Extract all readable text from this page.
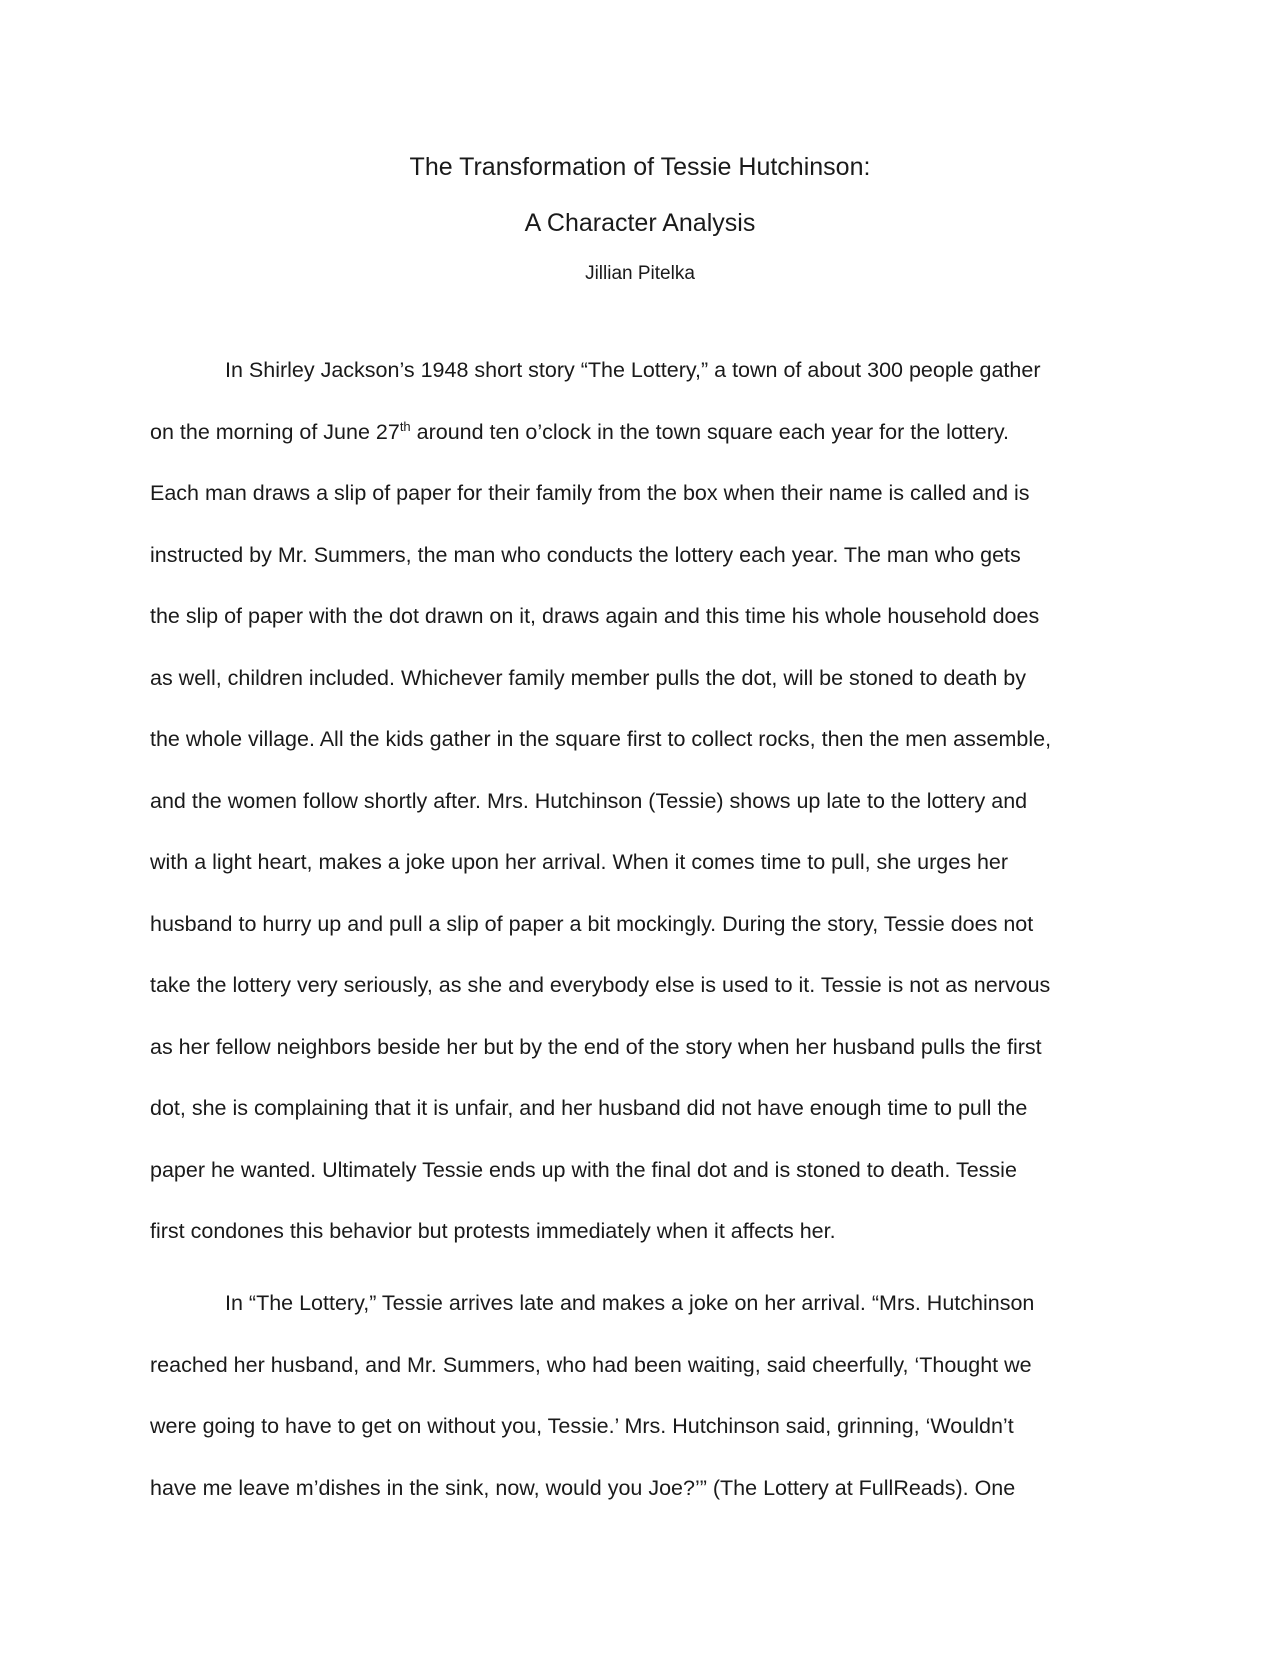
The Transformation of Tessie Hutchinson:
A Character Analysis

Jillian Pitelka

In Shirley Jackson’s 1948 short story “The Lottery,” a town of about 300 people gather
on the morning of June 27th around ten o’clock in the town square each year for the lottery.
Each man draws a slip of paper for their family from the box when their name is called and is
instructed by Mr. Summers, the man who conducts the lottery each year. The man who gets
the slip of paper with the dot drawn on it, draws again and this time his whole household does
as well, children included. Whichever family member pulls the dot, will be stoned to death by
the whole village. All the kids gather in the square first to collect rocks, then the men assemble,
and the women follow shortly after. Mrs. Hutchinson (Tessie) shows up late to the lottery and
with a light heart, makes a joke upon her arrival. When it comes time to pull, she urges her
husband to hurry up and pull a slip of paper a bit mockingly. During the story, Tessie does not
take the lottery very seriously, as she and everybody else is used to it. Tessie is not as nervous
as her fellow neighbors beside her but by the end of the story when her husband pulls the first
dot, she is complaining that it is unfair, and her husband did not have enough time to pull the
paper he wanted. Ultimately Tessie ends up with the final dot and is stoned to death. Tessie
first condones this behavior but protests immediately when it affects her.
In “The Lottery,” Tessie arrives late and makes a joke on her arrival. “Mrs. Hutchinson
reached her husband, and Mr. Summers, who had been waiting, said cheerfully, ‘Thought we
were going to have to get on without you, Tessie.’ Mrs. Hutchinson said, grinning, ‘Wouldn’t
have me leave m’dishes in the sink, now, would you Joe?’” (The Lottery at FullReads). One
